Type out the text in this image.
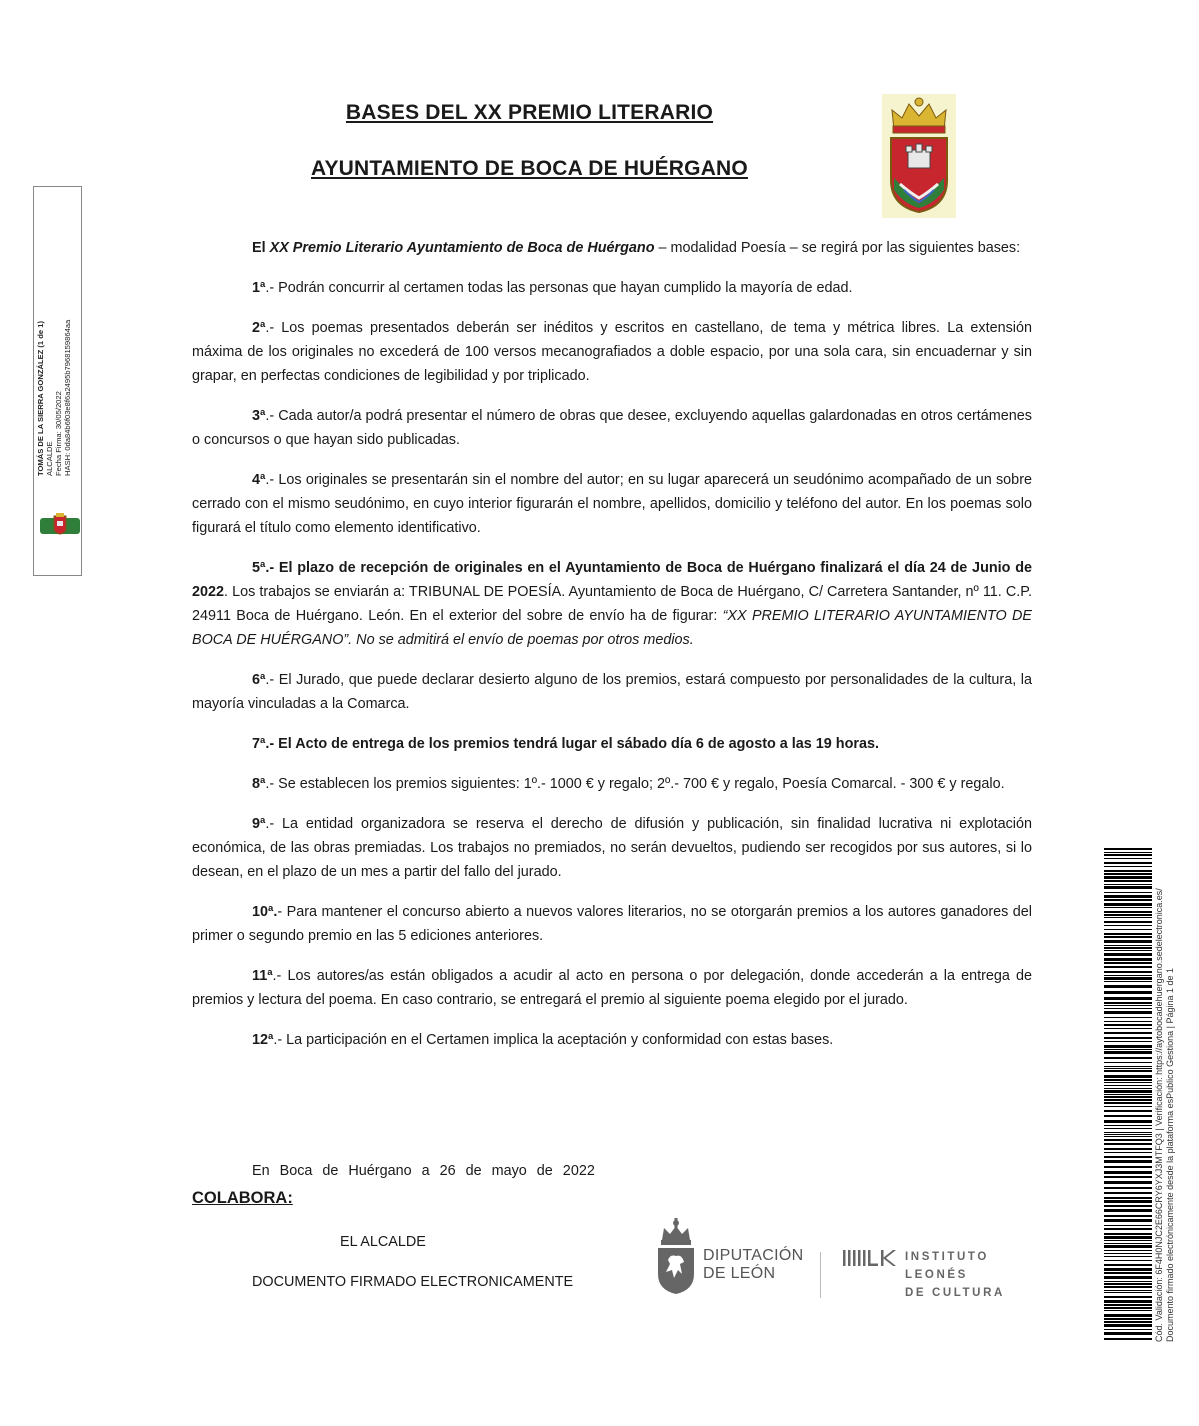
BASES DEL XX PREMIO LITERARIO
AYUNTAMIENTO DE BOCA DE HUÉRGANO

El XX Premio Literario Ayuntamiento de Boca de Huérgano – modalidad Poesía – se regirá por las siguientes bases:

1ª.- Podrán concurrir al certamen todas las personas que hayan cumplido la mayoría de edad.

2ª.- Los poemas presentados deberán ser inéditos y escritos en castellano, de tema y métrica libres. La extensión máxima de los originales no excederá de 100 versos mecanografiados a doble espacio, por una sola cara, sin encuadernar y sin grapar, en perfectas condiciones de legibilidad y por triplicado.

3ª.- Cada autor/a podrá presentar el número de obras que desee, excluyendo aquellas galardonadas en otros certámenes o concursos o que hayan sido publicadas.

4ª.- Los originales se presentarán sin el nombre del autor; en su lugar aparecerá un seudónimo acompañado de un sobre cerrado con el mismo seudónimo, en cuyo interior figurarán el nombre, apellidos, domicilio y teléfono del autor. En los poemas solo figurará el título como elemento identificativo.

5ª.- El plazo de recepción de originales en el Ayuntamiento de Boca de Huérgano finalizará el día 24 de Junio de 2022. Los trabajos se enviarán a: TRIBUNAL DE POESÍA. Ayuntamiento de Boca de Huérgano, C/ Carretera Santander, nº 11. C.P. 24911 Boca de Huérgano. León. En el exterior del sobre de envío ha de figurar: “XX PREMIO LITERARIO AYUNTAMIENTO DE BOCA DE HUÉRGANO”. No se admitirá el envío de poemas por otros medios.

6ª.- El Jurado, que puede declarar desierto alguno de los premios, estará compuesto por personalidades de la cultura, la mayoría vinculadas a la Comarca.

7ª.- El Acto de entrega de los premios tendrá lugar el sábado día 6 de agosto a las 19 horas.

8ª.- Se establecen los premios siguientes: 1º.- 1000 € y regalo; 2º.- 700 € y regalo, Poesía Comarcal. - 300 € y regalo.

9ª.- La entidad organizadora se reserva el derecho de difusión y publicación, sin finalidad lucrativa ni explotación económica, de las obras premiadas. Los trabajos no premiados, no serán devueltos, pudiendo ser recogidos por sus autores, si lo desean, en el plazo de un mes a partir del fallo del jurado.

10ª.- Para mantener el concurso abierto a nuevos valores literarios, no se otorgarán premios a los autores ganadores del primer o segundo premio en las 5 ediciones anteriores.

11ª.- Los autores/as están obligados a acudir al acto en persona o por delegación, donde accederán a la entrega de premios y lectura del poema. En caso contrario, se entregará el premio al siguiente poema elegido por el jurado.

12ª.- La participación en el Certamen implica la aceptación y conformidad con estas bases.

En Boca de Huérgano a 26 de mayo de 2022
COLABORA:
EL ALCALDE
DOCUMENTO FIRMADO ELECTRONICAMENTE
TOMÁS DE LA SIERRA GONZÁLEZ (1 de 1) ALCALDE Fecha Firma: 30/05/2022 HASH: 0da84b6f03e8f6a2495b7968159864aa
Cód. Validación: 6F4H0NJC2E66CRY6YXJ3MTFQ3 | Verificación: https://aytobocadehuergano.sedelectronica.es/ Documento firmado electrónicamente desde la plataforma esPublico Gestiona | Página 1 de 1
DIPUTACIÓN
DE LEÓN
INSTITUTO
LEONÉS
DE CULTURA
